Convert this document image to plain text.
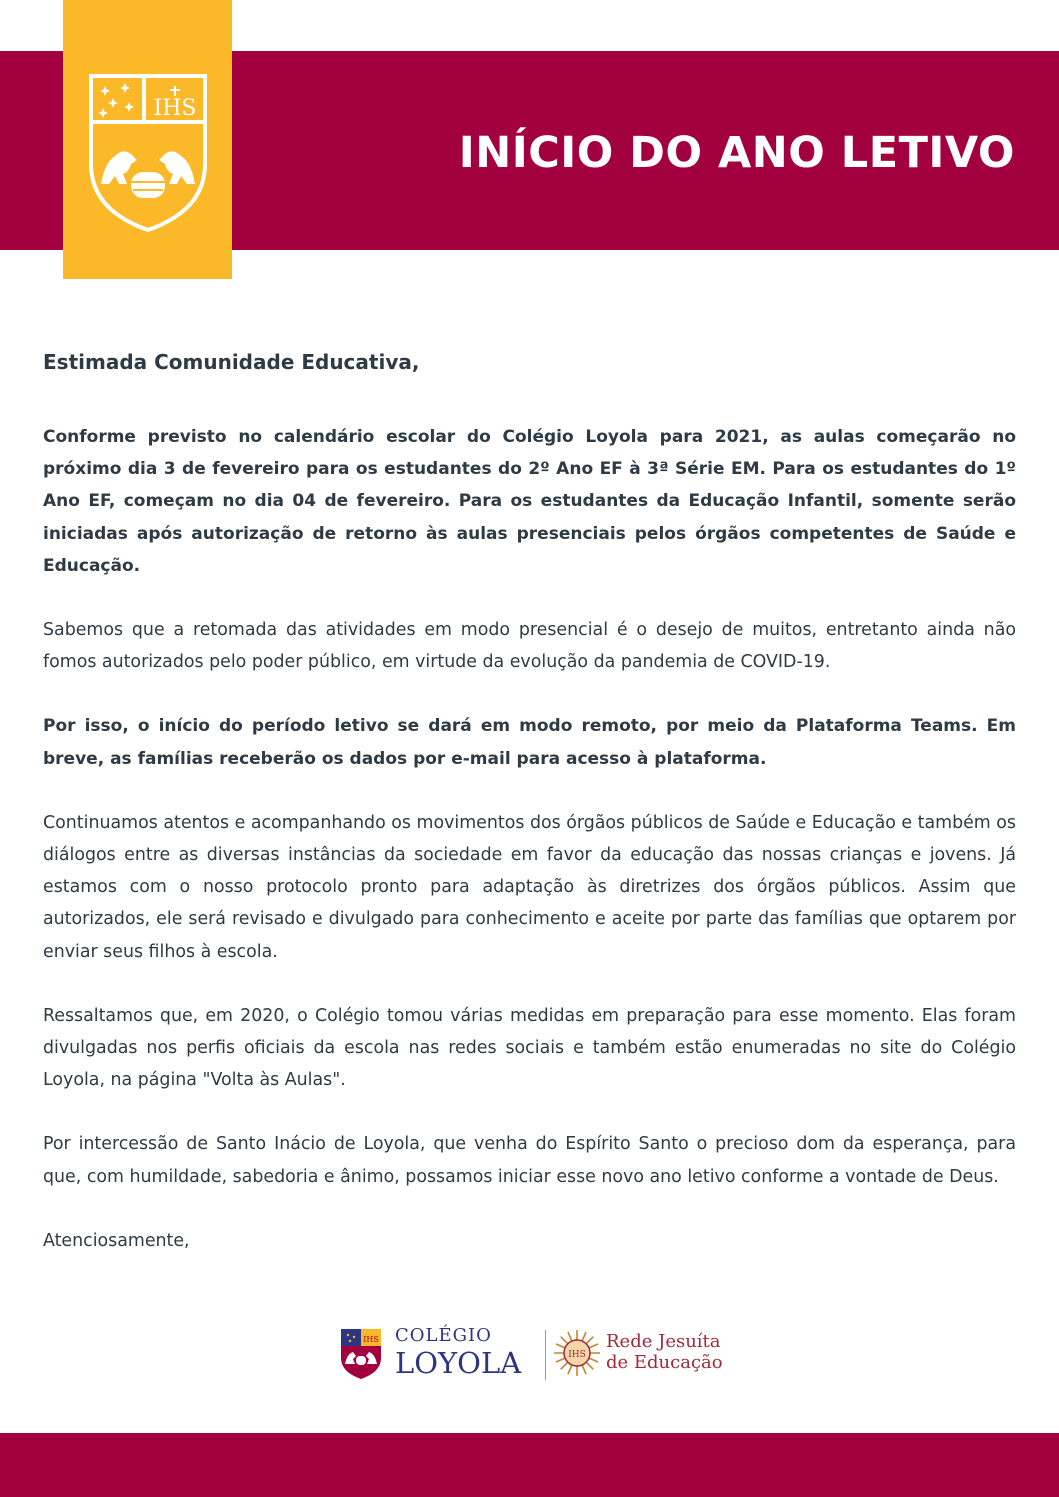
IHS
INÍCIO DO ANO LETIVO

Estimada Comunidade Educativa,

Conforme previsto no calendário escolar do Colégio Loyola para 2021, as aulas começarão no próximo dia 3 de fevereiro para os estudantes do 2º Ano EF à 3ª Série EM. Para os estudantes do 1º Ano EF, começam no dia 04 de fevereiro. Para os estudantes da Educação Infantil, somente serão iniciadas após autorização de retorno às aulas presenciais pelos órgãos competentes de Saúde e Educação.

Sabemos que a retomada das atividades em modo presencial é o desejo de muitos, entretanto ainda não fomos autorizados pelo poder público, em virtude da evolução da pandemia de COVID-19.

Por isso, o início do período letivo se dará em modo remoto, por meio da Plataforma Teams. Em breve, as famílias receberão os dados por e-mail para acesso à plataforma.

Continuamos atentos e acompanhando os movimentos dos órgãos públicos de Saúde e Educação e também os diálogos entre as diversas instâncias da sociedade em favor da educação das nossas crianças e jovens. Já estamos com o nosso protocolo pronto para adaptação às diretrizes dos órgãos públicos. Assim que autorizados, ele será revisado e divulgado para conhecimento e aceite por parte das famílias que optarem por enviar seus filhos à escola.

Ressaltamos que, em 2020, o Colégio tomou várias medidas em preparação para esse momento. Elas foram divulgadas nos perfis oficiais da escola nas redes sociais e também estão enumeradas no site do Colégio Loyola, na página "Volta às Aulas".

Por intercessão de Santo Inácio de Loyola, que venha do Espírito Santo o precioso dom da esperança, para que, com humildade, sabedoria e ânimo, possamos iniciar esse novo ano letivo conforme a vontade de Deus.

Atenciosamente,

IHS COLÉGIO
LOYOLA	IHS
Rede Jesuíta
de Educação
